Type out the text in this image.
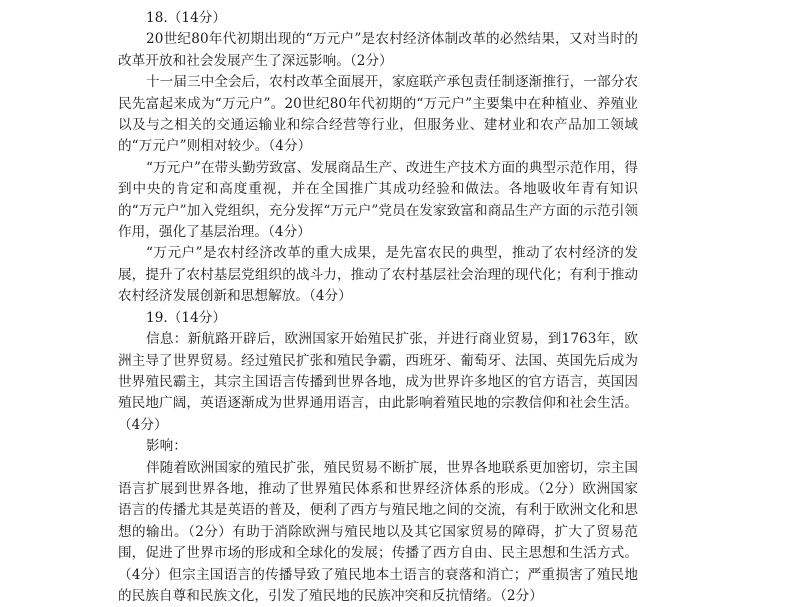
18.（14分）

20世纪80年代初期出现的“万元户”是农村经济体制改革的必然结果，又对当时的改革开放和社会发展产生了深远影响。（2分）

十一届三中全会后，农村改革全面展开，家庭联产承包责任制逐渐推行，一部分农民先富起来成为“万元户”。20世纪80年代初期的“万元户”主要集中在种植业、养殖业以及与之相关的交通运输业和综合经营等行业，但服务业、建材业和农产品加工领域的“万元户”则相对较少。（4分）

“万元户”在带头勤劳致富、发展商品生产、改进生产技术方面的典型示范作用，得到中央的肯定和高度重视，并在全国推广其成功经验和做法。各地吸收年青有知识的“万元户”加入党组织，充分发挥“万元户”党员在发家致富和商品生产方面的示范引领作用，强化了基层治理。（4分）

“万元户”是农村经济改革的重大成果，是先富农民的典型，推动了农村经济的发展，提升了农村基层党组织的战斗力，推动了农村基层社会治理的现代化；有利于推动农村经济发展创新和思想解放。（4分）

19.（14分）

信息：新航路开辟后，欧洲国家开始殖民扩张，并进行商业贸易，到1763年，欧洲主导了世界贸易。经过殖民扩张和殖民争霸，西班牙、葡萄牙、法国、英国先后成为世界殖民霸主，其宗主国语言传播到世界各地，成为世界许多地区的官方语言，英国因殖民地广阔，英语逐渐成为世界通用语言，由此影响着殖民地的宗教信仰和社会生活。（4分）

影响：

伴随着欧洲国家的殖民扩张，殖民贸易不断扩展，世界各地联系更加密切，宗主国语言扩展到世界各地，推动了世界殖民体系和世界经济体系的形成。（2分）欧洲国家语言的传播尤其是英语的普及，便利了西方与殖民地之间的交流，有利于欧洲文化和思想的输出。（2分）有助于消除欧洲与殖民地以及其它国家贸易的障碍，扩大了贸易范围，促进了世界市场的形成和全球化的发展；传播了西方自由、民主思想和生活方式。（4分）但宗主国语言的传播导致了殖民地本土语言的衰落和消亡；严重损害了殖民地的民族自尊和民族文化，引发了殖民地的民族冲突和反抗情绪。（2分）
